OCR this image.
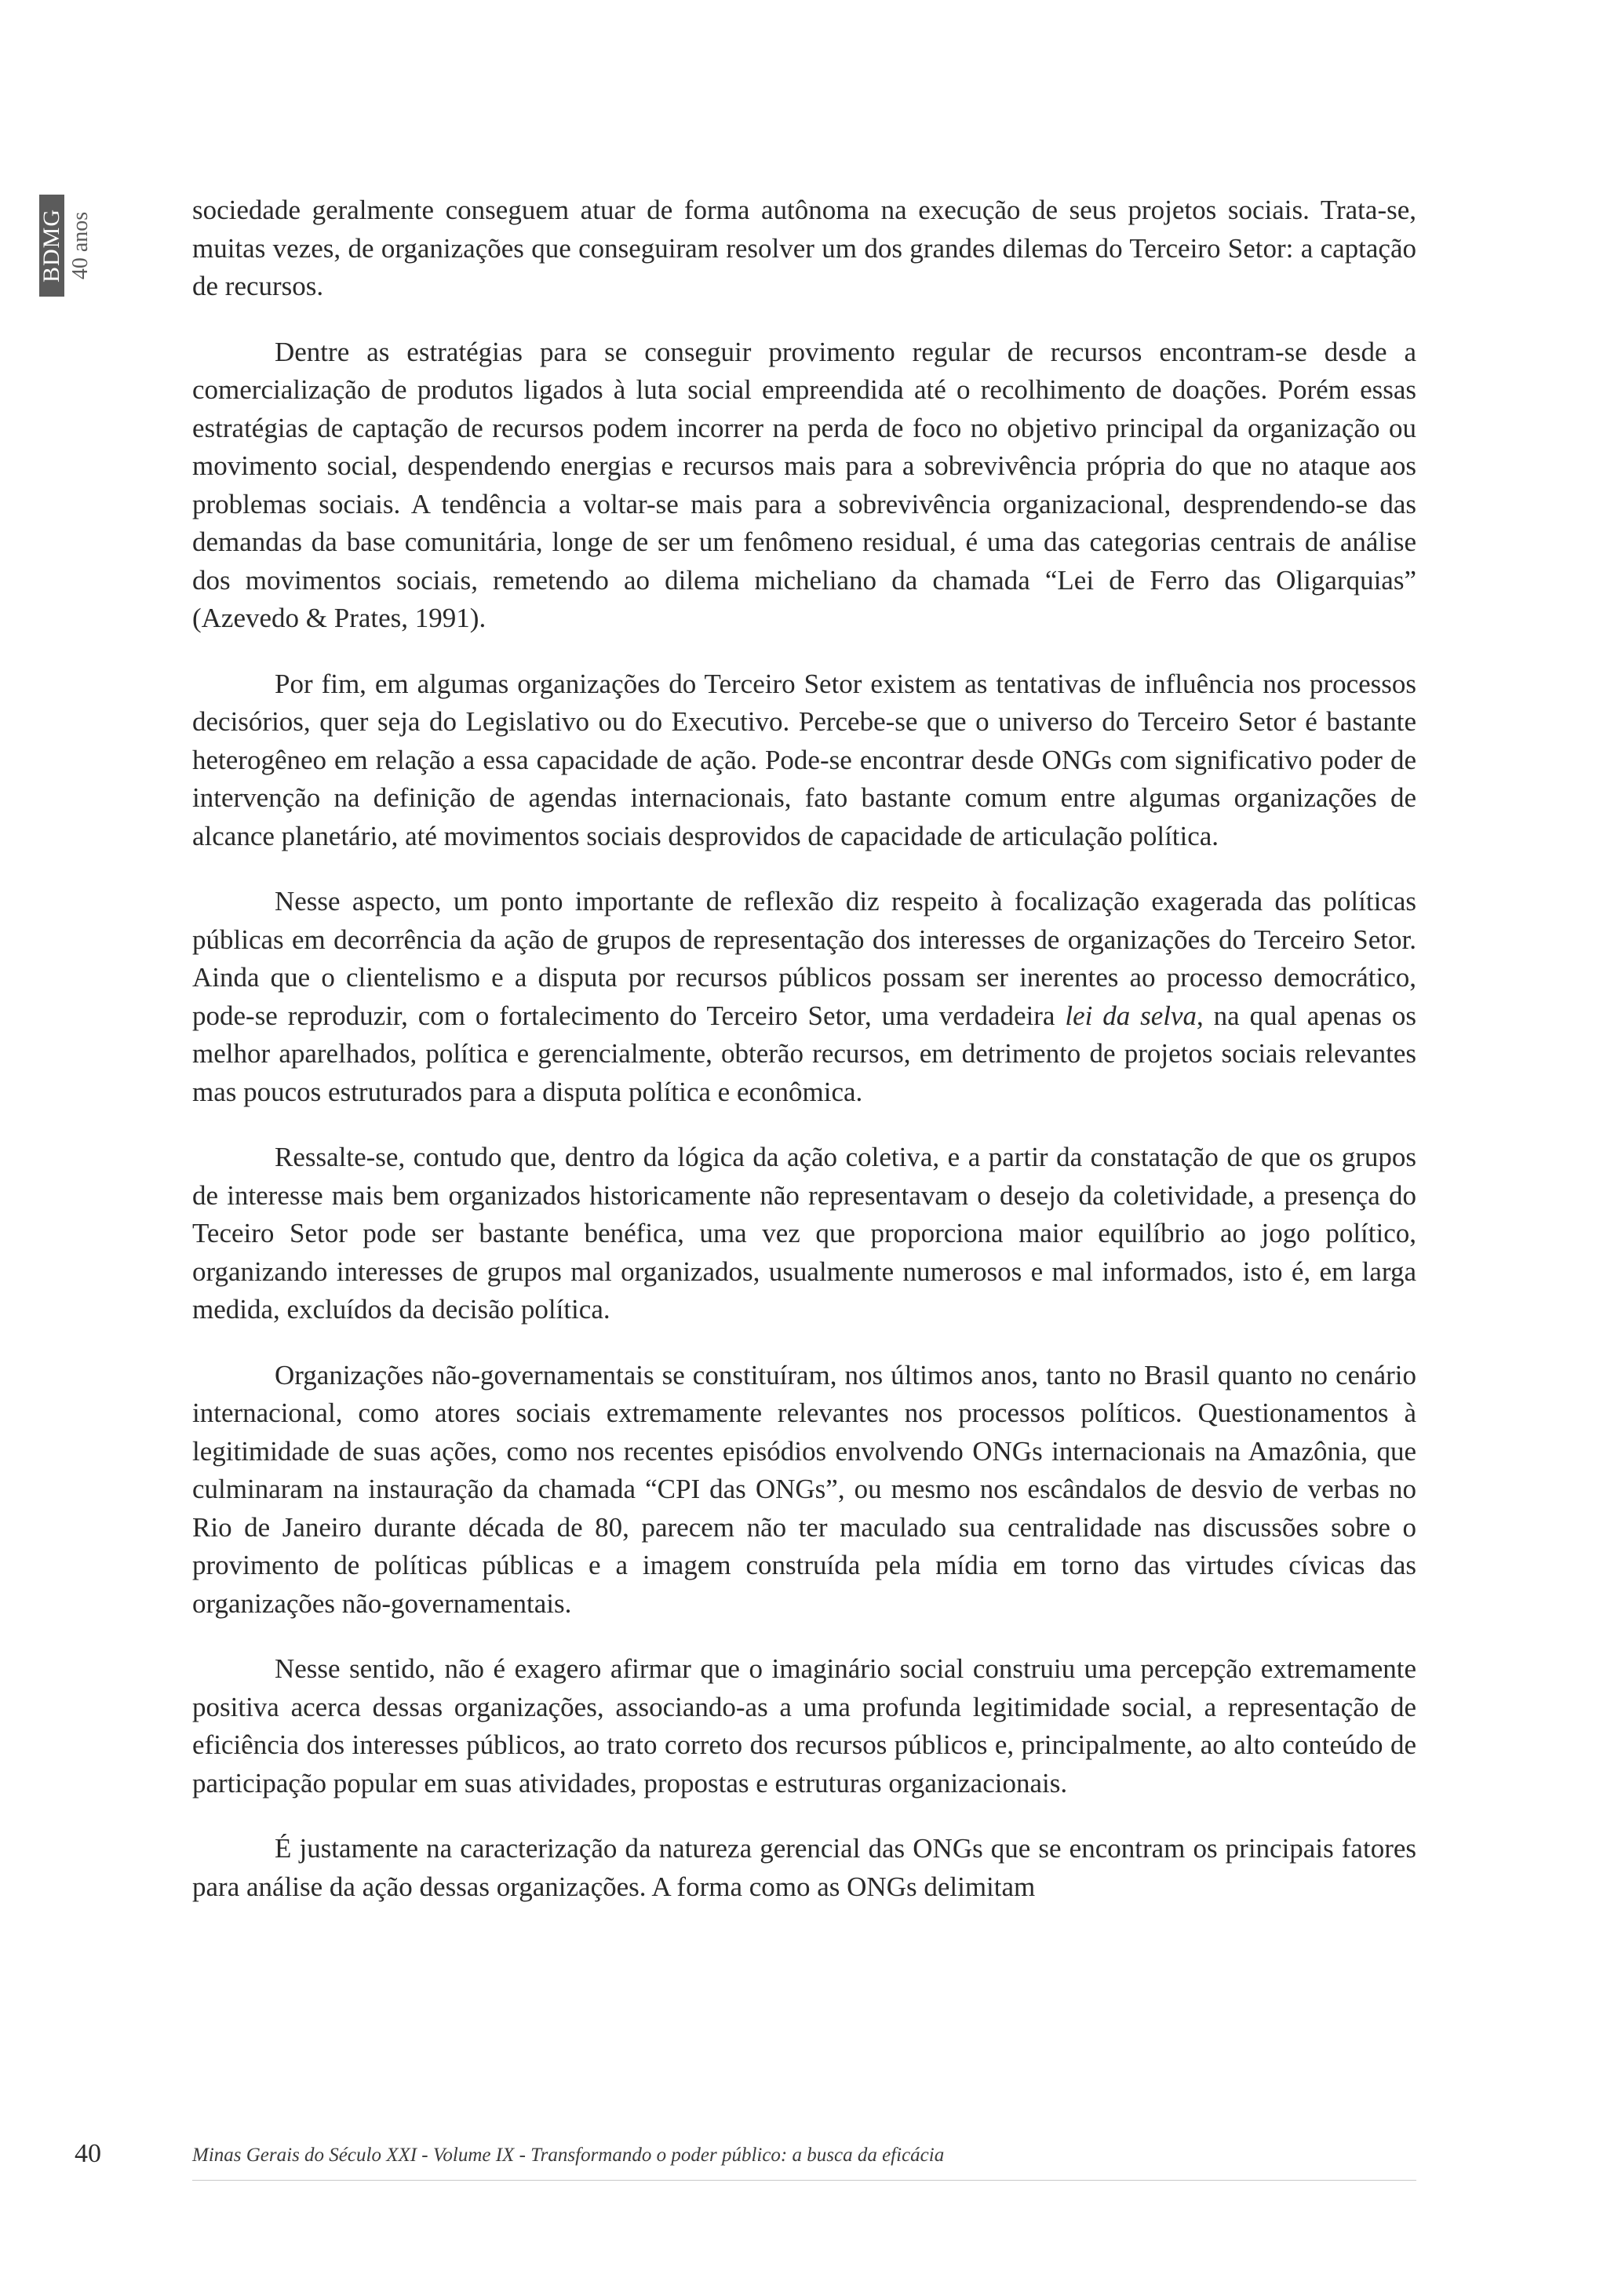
BDMG 40 anos

sociedade geralmente conseguem atuar de forma autônoma na execução de seus projetos sociais. Trata-se, muitas vezes, de organizações que conseguiram resolver um dos grandes dilemas do Terceiro Setor: a captação de recursos.

Dentre as estratégias para se conseguir provimento regular de recursos encontram-se desde a comercialização de produtos ligados à luta social empreendida até o recolhimento de doações. Porém essas estratégias de captação de recursos podem incorrer na perda de foco no objetivo principal da organização ou movimento social, despendendo energias e recursos mais para a sobrevivência própria do que no ataque aos problemas sociais. A tendência a voltar-se mais para a sobrevivência organizacional, desprendendo-se das demandas da base comunitária, longe de ser um fenômeno residual, é uma das categorias centrais de análise dos movimentos sociais, remetendo ao dilema micheliano da chamada “Lei de Ferro das Oligarquias” (Azevedo & Prates, 1991).

Por fim, em algumas organizações do Terceiro Setor existem as tentativas de influência nos processos decisórios, quer seja do Legislativo ou do Executivo. Percebe-se que o universo do Terceiro Setor é bastante heterogêneo em relação a essa capacidade de ação. Pode-se encontrar desde ONGs com significativo poder de intervenção na definição de agendas internacionais, fato bastante comum entre algumas organizações de alcance planetário, até movimentos sociais desprovidos de capacidade de articulação política.

Nesse aspecto, um ponto importante de reflexão diz respeito à focalização exagerada das políticas públicas em decorrência da ação de grupos de representação dos interesses de organizações do Terceiro Setor. Ainda que o clientelismo e a disputa por recursos públicos possam ser inerentes ao processo democrático, pode-se reproduzir, com o fortalecimento do Terceiro Setor, uma verdadeira lei da selva, na qual apenas os melhor aparelhados, política e gerencialmente, obterão recursos, em detrimento de projetos sociais relevantes mas poucos estruturados para a disputa política e econômica.

Ressalte-se, contudo que, dentro da lógica da ação coletiva, e a partir da constatação de que os grupos de interesse mais bem organizados historicamente não representavam o desejo da coletividade, a presença do Teceiro Setor pode ser bastante benéfica, uma vez que proporciona maior equilíbrio ao jogo político, organizando interesses de grupos mal organizados, usualmente numerosos e mal informados, isto é, em larga medida, excluídos da decisão política.

Organizações não-governamentais se constituíram, nos últimos anos, tanto no Brasil quanto no cenário internacional, como atores sociais extremamente relevantes nos processos políticos. Questionamentos à legitimidade de suas ações, como nos recentes episódios envolvendo ONGs internacionais na Amazônia, que culminaram na instauração da chamada “CPI das ONGs”, ou mesmo nos escândalos de desvio de verbas no Rio de Janeiro durante década de 80, parecem não ter maculado sua centralidade nas discussões sobre o provimento de políticas públicas e a imagem construída pela mídia em torno das virtudes cívicas das organizações não-governamentais.

Nesse sentido, não é exagero afirmar que o imaginário social construiu uma percepção extremamente positiva acerca dessas organizações, associando-as a uma profunda legitimidade social, a representação de eficiência dos interesses públicos, ao trato correto dos recursos públicos e, principalmente, ao alto conteúdo de participação popular em suas atividades, propostas e estruturas organizacionais.

É justamente na caracterização da natureza gerencial das ONGs que se encontram os principais fatores para análise da ação dessas organizações. A forma como as ONGs delimitam

40	Minas Gerais do Século XXI - Volume IX - Transformando o poder público: a busca da eficácia
